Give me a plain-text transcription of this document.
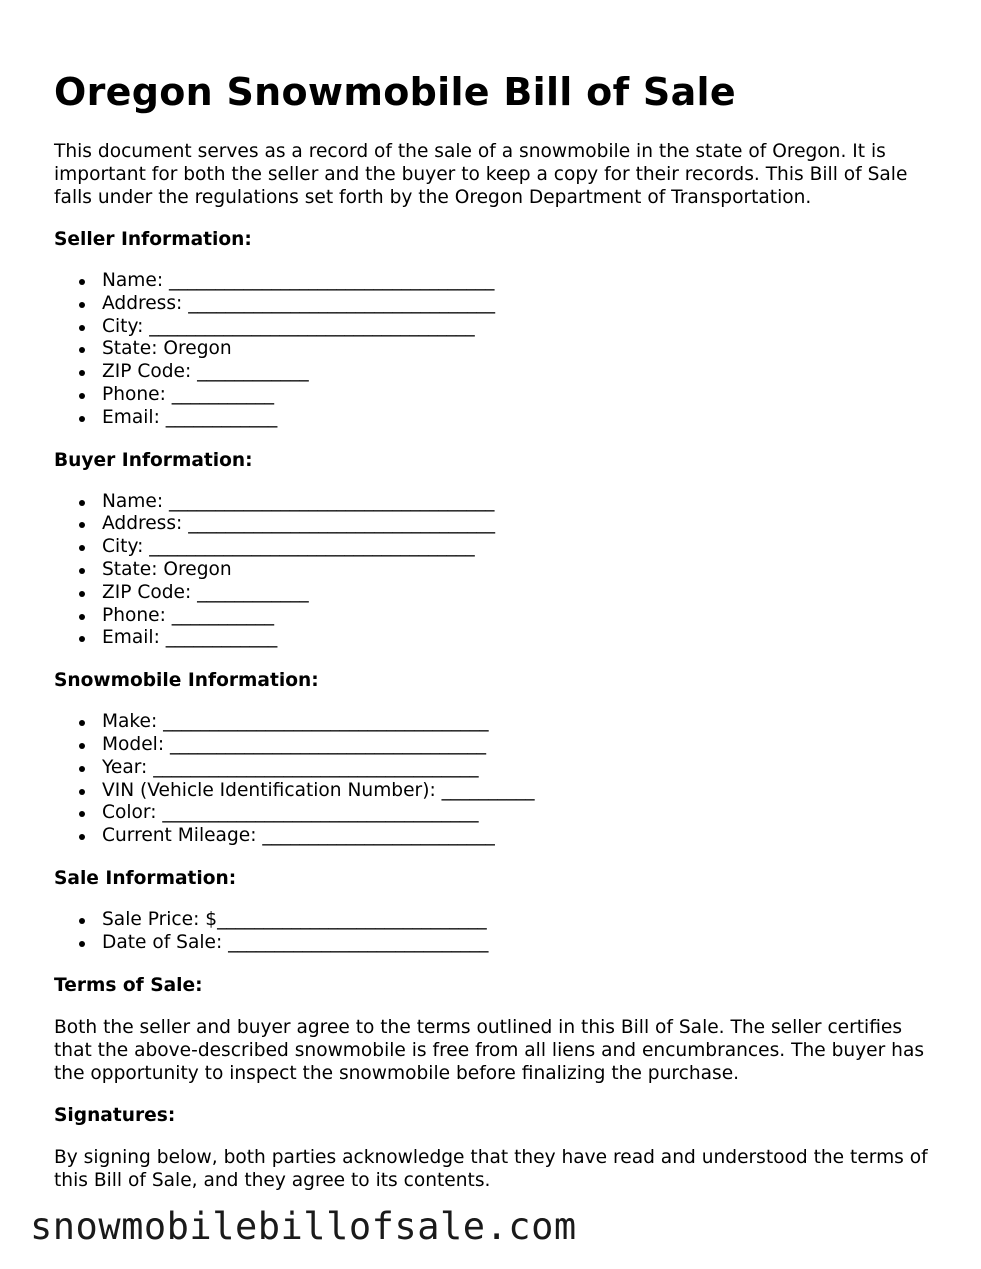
Oregon Snowmobile Bill of Sale

This document serves as a record of the sale of a snowmobile in the state of Oregon. It is important for both the seller and the buyer to keep a copy for their records. This Bill of Sale falls under the regulations set forth by the Oregon Department of Transportation.

Seller Information:
Name: ___________________________________
Address: _________________________________
City: ___________________________________
State: Oregon
ZIP Code: ____________
Phone: ___________
Email: ____________
Buyer Information:
Name: ___________________________________
Address: _________________________________
City: ___________________________________
State: Oregon
ZIP Code: ____________
Phone: ___________
Email: ____________
Snowmobile Information:
Make: ___________________________________
Model: __________________________________
Year: ___________________________________
VIN (Vehicle Identification Number): __________
Color: __________________________________
Current Mileage: _________________________
Sale Information:
Sale Price: $_____________________________
Date of Sale: ____________________________
Terms of Sale:

Both the seller and buyer agree to the terms outlined in this Bill of Sale. The seller certifies that the above-described snowmobile is free from all liens and encumbrances. The buyer has the opportunity to inspect the snowmobile before finalizing the purchase.

Signatures:

By signing below, both parties acknowledge that they have read and understood the terms of this Bill of Sale, and they agree to its contents.

snowmobilebillofsale.com
